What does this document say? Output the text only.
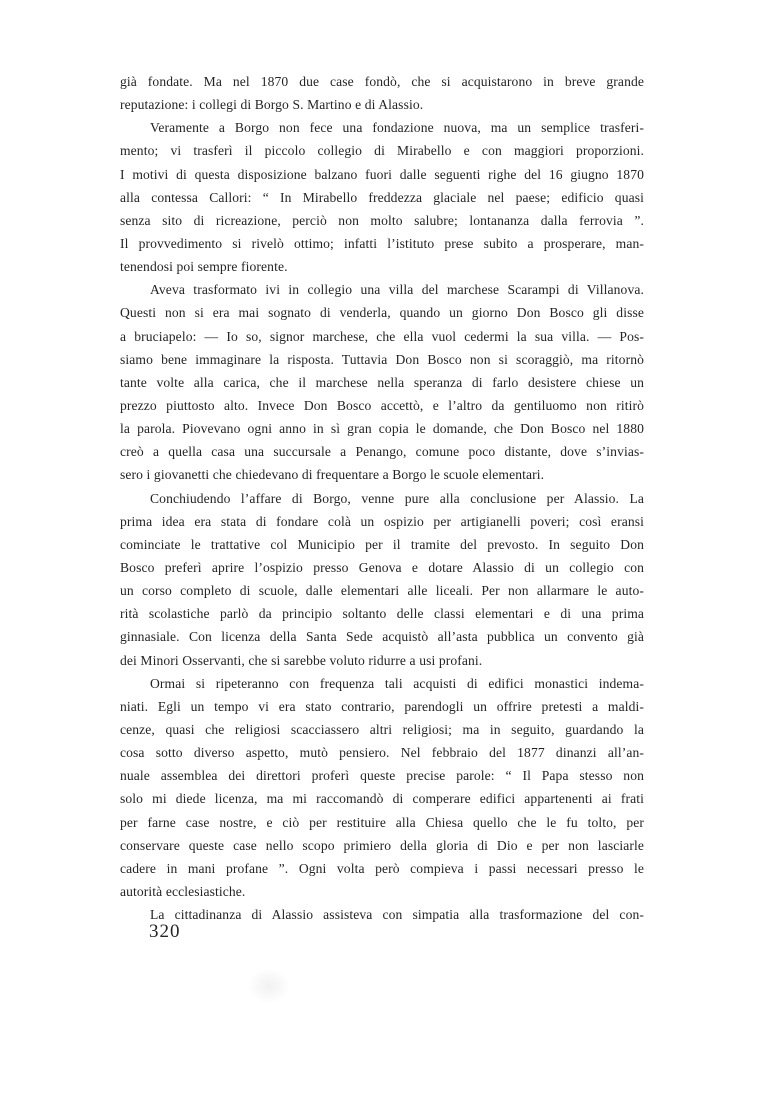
già fondate. Ma nel 1870 due case fondò, che si acquistarono in breve grande
reputazione: i collegi di Borgo S. Martino e di Alassio.
Veramente a Borgo non fece una fondazione nuova, ma un semplice trasferi-
mento; vi trasferì il piccolo collegio di Mirabello e con maggiori proporzioni.
I motivi di questa disposizione balzano fuori dalle seguenti righe del 16 giugno 1870
alla contessa Callori: “ In Mirabello freddezza glaciale nel paese; edificio quasi
senza sito di ricreazione, perciò non molto salubre; lontananza dalla ferrovia ”.
Il provvedimento si rivelò ottimo; infatti l’istituto prese subito a prosperare, man-
tenendosi poi sempre fiorente.
Aveva trasformato ivi in collegio una villa del marchese Scarampi di Villanova.
Questi non si era mai sognato di venderla, quando un giorno Don Bosco gli disse
a bruciapelo: — Io so, signor marchese, che ella vuol cedermi la sua villa. — Pos-
siamo bene immaginare la risposta. Tuttavia Don Bosco non si scoraggiò, ma ritornò
tante volte alla carica, che il marchese nella speranza di farlo desistere chiese un
prezzo piuttosto alto. Invece Don Bosco accettò, e l’altro da gentiluomo non ritirò
la parola. Piovevano ogni anno in sì gran copia le domande, che Don Bosco nel 1880
creò a quella casa una succursale a Penango, comune poco distante, dove s’invias-
sero i giovanetti che chiedevano di frequentare a Borgo le scuole elementari.
Conchiudendo l’affare di Borgo, venne pure alla conclusione per Alassio. La
prima idea era stata di fondare colà un ospizio per artigianelli poveri; così eransi
cominciate le trattative col Municipio per il tramite del prevosto. In seguito Don
Bosco preferì aprire l’ospizio presso Genova e dotare Alassio di un collegio con
un corso completo di scuole, dalle elementari alle liceali. Per non allarmare le auto-
rità scolastiche parlò da principio soltanto delle classi elementari e di una prima
ginnasiale. Con licenza della Santa Sede acquistò all’asta pubblica un convento già
dei Minori Osservanti, che si sarebbe voluto ridurre a usi profani.
Ormai si ripeteranno con frequenza tali acquisti di edifici monastici indema-
niati. Egli un tempo vi era stato contrario, parendogli un offrire pretesti a maldi-
cenze, quasi che religiosi scacciassero altri religiosi; ma in seguito, guardando la
cosa sotto diverso aspetto, mutò pensiero. Nel febbraio del 1877 dinanzi all’an-
nuale assemblea dei direttori proferì queste precise parole: “ Il Papa stesso non
solo mi diede licenza, ma mi raccomandò di comperare edifici appartenenti ai frati
per farne case nostre, e ciò per restituire alla Chiesa quello che le fu tolto, per
conservare queste case nello scopo primiero della gloria di Dio e per non lasciarle
cadere in mani profane ”. Ogni volta però compieva i passi necessari presso le
autorità ecclesiastiche.
La cittadinanza di Alassio assisteva con simpatia alla trasformazione del con-
320
